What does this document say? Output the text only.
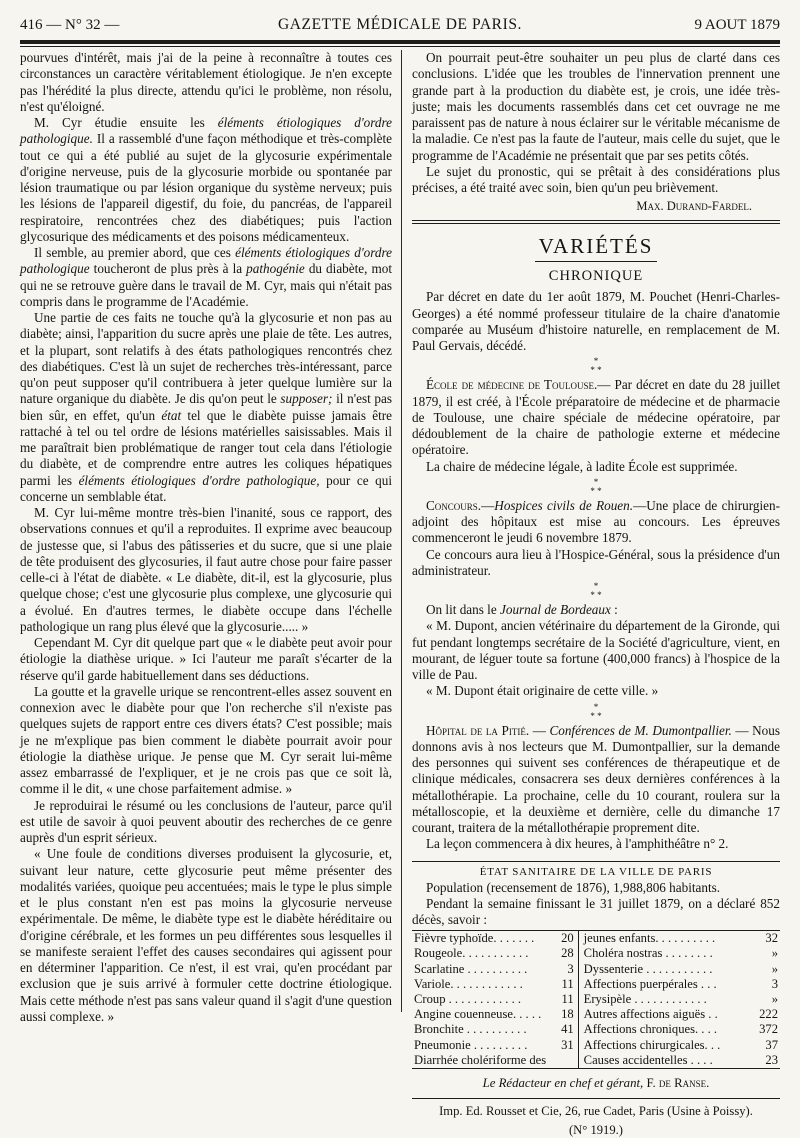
416 — N° 32 —	GAZETTE MÉDICALE DE PARIS.	9 AOUT 1879

pourvues d'intérêt, mais j'ai de la peine à reconnaître à toutes ces circonstances un caractère véritablement étiologique. Je n'en excepte pas l'hérédité la plus directe, attendu qu'ici le problème, non résolu, n'est qu'éloigné.

M. Cyr étudie ensuite les éléments étiologiques d'ordre pathologique. Il a rassemblé d'une façon méthodique et très-complète tout ce qui a été publié au sujet de la glycosurie expérimentale d'origine nerveuse, puis de la glycosurie morbide ou spontanée par lésion traumatique ou par lésion organique du système nerveux; puis les lésions de l'appareil digestif, du foie, du pancréas, de l'appareil respiratoire, rencontrées chez des diabétiques; puis l'action glycosurique des médicaments et des poisons médicamenteux.

Il semble, au premier abord, que ces éléments étiologiques d'ordre pathologique toucheront de plus près à la pathogénie du diabète, mot qui ne se retrouve guère dans le travail de M. Cyr, mais qui n'était pas compris dans le programme de l'Académie.

Une partie de ces faits ne touche qu'à la glycosurie et non pas au diabète; ainsi, l'apparition du sucre après une plaie de tête. Les autres, et la plupart, sont relatifs à des états pathologiques rencontrés chez des diabétiques. C'est là un sujet de recherches très-intéressant, parce qu'on peut supposer qu'il contribuera à jeter quelque lumière sur la nature organique du diabète. Je dis qu'on peut le supposer; il n'est pas bien sûr, en effet, qu'un état tel que le diabète puisse jamais être rattaché à tel ou tel ordre de lésions matérielles saisissables. Mais il me paraîtrait bien problématique de ranger tout cela dans l'étiologie du diabète, et de comprendre entre autres les coliques hépatiques parmi les éléments étiologiques d'ordre pathologique, pour ce qui concerne un semblable état.

M. Cyr lui-même montre très-bien l'inanité, sous ce rapport, des observations connues et qu'il a reproduites. Il exprime avec beaucoup de justesse que, si l'abus des pâtisseries et du sucre, que si une plaie de tête produisent des glycosuries, il faut autre chose pour faire passer celle-ci à l'état de diabète. « Le diabète, dit-il, est la glycosurie, plus quelque chose; c'est une glycosurie plus complexe, une glycosurie qui a évolué. En d'autres termes, le diabète occupe dans l'échelle pathologique un rang plus élevé que la glycosurie..... »

Cependant M. Cyr dit quelque part que « le diabète peut avoir pour étiologie la diathèse urique. » Ici l'auteur me paraît s'écarter de la réserve qu'il garde habituellement dans ses déductions.

La goutte et la gravelle urique se rencontrent-elles assez souvent en connexion avec le diabète pour que l'on recherche s'il n'existe pas quelques sujets de rapport entre ces divers états? C'est possible; mais je ne m'explique pas bien comment le diabète pourrait avoir pour étiologie la diathèse urique. Je pense que M. Cyr serait lui-même assez embarrassé de l'expliquer, et je ne crois pas que ce soit là, comme il le dit, « une chose parfaitement admise. »

Je reproduirai le résumé ou les conclusions de l'auteur, parce qu'il est utile de savoir à quoi peuvent aboutir des recherches de ce genre auprès d'un esprit sérieux.

« Une foule de conditions diverses produisent la glycosurie, et, suivant leur nature, cette glycosurie peut même présenter des modalités variées, quoique peu accentuées; mais le type le plus simple et le plus constant n'en est pas moins la glycosurie nerveuse expérimentale. De même, le diabète type est le diabète héréditaire ou d'origine cérébrale, et les formes un peu différentes sous lesquelles il se manifeste seraient l'effet des causes secondaires qui agissent pour en déterminer l'apparition. Ce n'est, il est vrai, qu'en procédant par exclusion que je suis arrivé à formuler cette doctrine étiologique. Mais cette méthode n'est pas sans valeur quand il s'agit d'une question aussi complexe. »

On pourrait peut-être souhaiter un peu plus de clarté dans ces conclusions. L'idée que les troubles de l'innervation prennent une grande part à la production du diabète est, je crois, une idée très-juste; mais les documents rassemblés dans cet cet ouvrage ne me paraissent pas de nature à nous éclairer sur le véritable mécanisme de la maladie. Ce n'est pas la faute de l'auteur, mais celle du sujet, que le programme de l'Académie ne présentait que par ses petits côtés.

Le sujet du pronostic, qui se prêtait à des considérations plus précises, a été traité avec soin, bien qu'un peu brièvement.

Max. Durand-Fardel.
VARIÉTÉS
CHRONIQUE

Par décret en date du 1er août 1879, M. Pouchet (Henri-Charles-Georges) a été nommé professeur titulaire de la chaire d'anatomie comparée au Muséum d'histoire naturelle, en remplacement de M. Paul Gervais, décédé.

*
* *

École de médecine de Toulouse.— Par décret en date du 28 juillet 1879, il est créé, à l'École préparatoire de médecine et de pharmacie de Toulouse, une chaire spéciale de médecine opératoire, par dédoublement de la chaire de pathologie externe et médecine opératoire.

La chaire de médecine légale, à ladite École est supprimée.

*
* *

Concours.—Hospices civils de Rouen.—Une place de chirurgien-adjoint des hôpitaux est mise au concours. Les épreuves commenceront le jeudi 6 novembre 1879.

Ce concours aura lieu à l'Hospice-Général, sous la présidence d'un administrateur.

*
* *

On lit dans le Journal de Bordeaux :

« M. Dupont, ancien vétérinaire du département de la Gironde, qui fut pendant longtemps secrétaire de la Société d'agriculture, vient, en mourant, de léguer toute sa fortune (400,000 francs) à l'hospice de la ville de Pau.

« M. Dupont était originaire de cette ville. »

*
* *

Hôpital de la Pitié. — Conférences de M. Dumontpallier. — Nous donnons avis à nos lecteurs que M. Dumontpallier, sur la demande des personnes qui suivent ses conférences de thérapeutique et de clinique médicales, consacrera ses deux dernières conférences à la métallothérapie. La prochaine, celle du 10 courant, roulera sur la métalloscopie, et la deuxième et dernière, celle du dimanche 17 courant, traitera de la métallothérapie proprement dite.

La leçon commencera à dix heures, à l'amphithéâtre n° 2.

ÉTAT SANITAIRE DE LA VILLE DE PARIS

Population (recensement de 1876), 1,988,806 habitants.

Pendant la semaine finissant le 31 juillet 1879, on a déclaré 852 décès, savoir :

Fièvre typhoïde. . . . . . .	20	jeunes enfants. . . . . . . . . .	32
Rougeole. . . . . . . . . . .	28	Choléra nostras . . . . . . . .	»
Scarlatine . . . . . . . . . .	3	Dyssenterie . . . . . . . . . . .	»
Variole. . . . . . . . . . . .	11	Affections puerpérales . . .	3
Croup . . . . . . . . . . . .	11	Erysipèle . . . . . . . . . . . .	»
Angine couenneuse. . . . .	18	Autres affections aiguës . .	222
Bronchite . . . . . . . . . .	41	Affections chroniques. . . .	372
Pneumonie . . . . . . . . .	31	Affections chirurgicales. . .	37
Diarrhée cholériforme des		Causes accidentelles . . . .	23
Le Rédacteur en chef et gérant, F. de Ranse.
Imp. Ed. Rousset et Cie, 26, rue Cadet, Paris (Usine à Poissy).
(N° 1919.)
